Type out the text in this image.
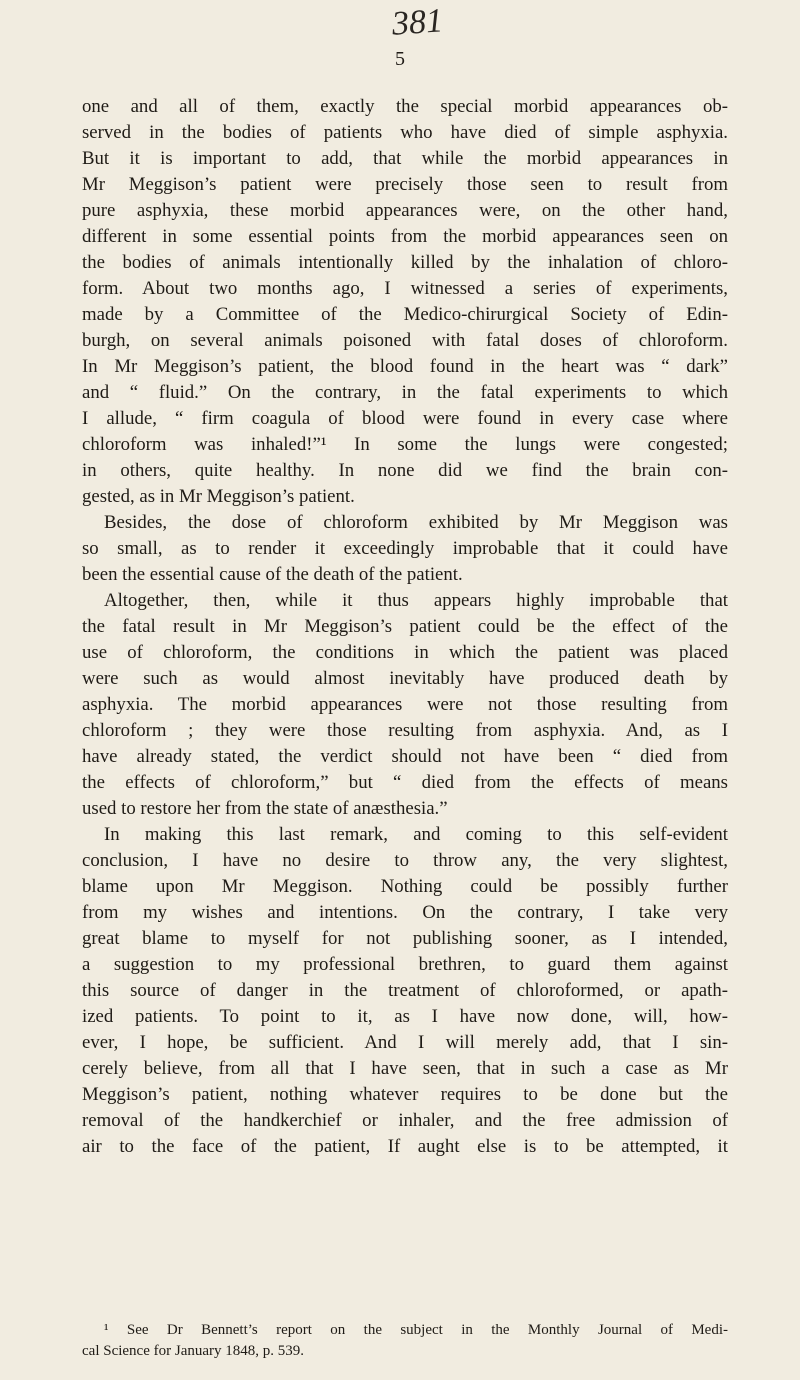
381
5
one and all of them, exactly the special morbid appearances ob-
served in the bodies of patients who have died of simple asphyxia.
But it is important to add, that while the morbid appearances in
Mr Meggison’s patient were precisely those seen to result from
pure asphyxia, these morbid appearances were, on the other hand,
different in some essential points from the morbid appearances seen on
the bodies of animals intentionally killed by the inhalation of chloro-
form. About two months ago, I witnessed a series of experiments,
made by a Committee of the Medico-chirurgical Society of Edin-
burgh, on several animals poisoned with fatal doses of chloroform.
In Mr Meggison’s patient, the blood found in the heart was “ dark”
and “ fluid.” On the contrary, in the fatal experiments to which
I allude, “ firm coagula of blood were found in every case where
chloroform was inhaled!”¹ In some the lungs were congested;
in others, quite healthy. In none did we find the brain con-
gested, as in Mr Meggison’s patient.
Besides, the dose of chloroform exhibited by Mr Meggison was
so small, as to render it exceedingly improbable that it could have
been the essential cause of the death of the patient.
Altogether, then, while it thus appears highly improbable that
the fatal result in Mr Meggison’s patient could be the effect of the
use of chloroform, the conditions in which the patient was placed
were such as would almost inevitably have produced death by
asphyxia. The morbid appearances were not those resulting from
chloroform ; they were those resulting from asphyxia. And, as I
have already stated, the verdict should not have been “ died from
the effects of chloroform,” but “ died from the effects of means
used to restore her from the state of anæsthesia.”
In making this last remark, and coming to this self-evident
conclusion, I have no desire to throw any, the very slightest,
blame upon Mr Meggison. Nothing could be possibly further
from my wishes and intentions. On the contrary, I take very
great blame to myself for not publishing sooner, as I intended,
a suggestion to my professional brethren, to guard them against
this source of danger in the treatment of chloroformed, or apath-
ized patients. To point to it, as I have now done, will, how-
ever, I hope, be sufficient. And I will merely add, that I sin-
cerely believe, from all that I have seen, that in such a case as Mr
Meggison’s patient, nothing whatever requires to be done but the
removal of the handkerchief or inhaler, and the free admission of
air to the face of the patient, If aught else is to be attempted, it
¹ See Dr Bennett’s report on the subject in the Monthly Journal of Medi-
cal Science for January 1848, p. 539.
